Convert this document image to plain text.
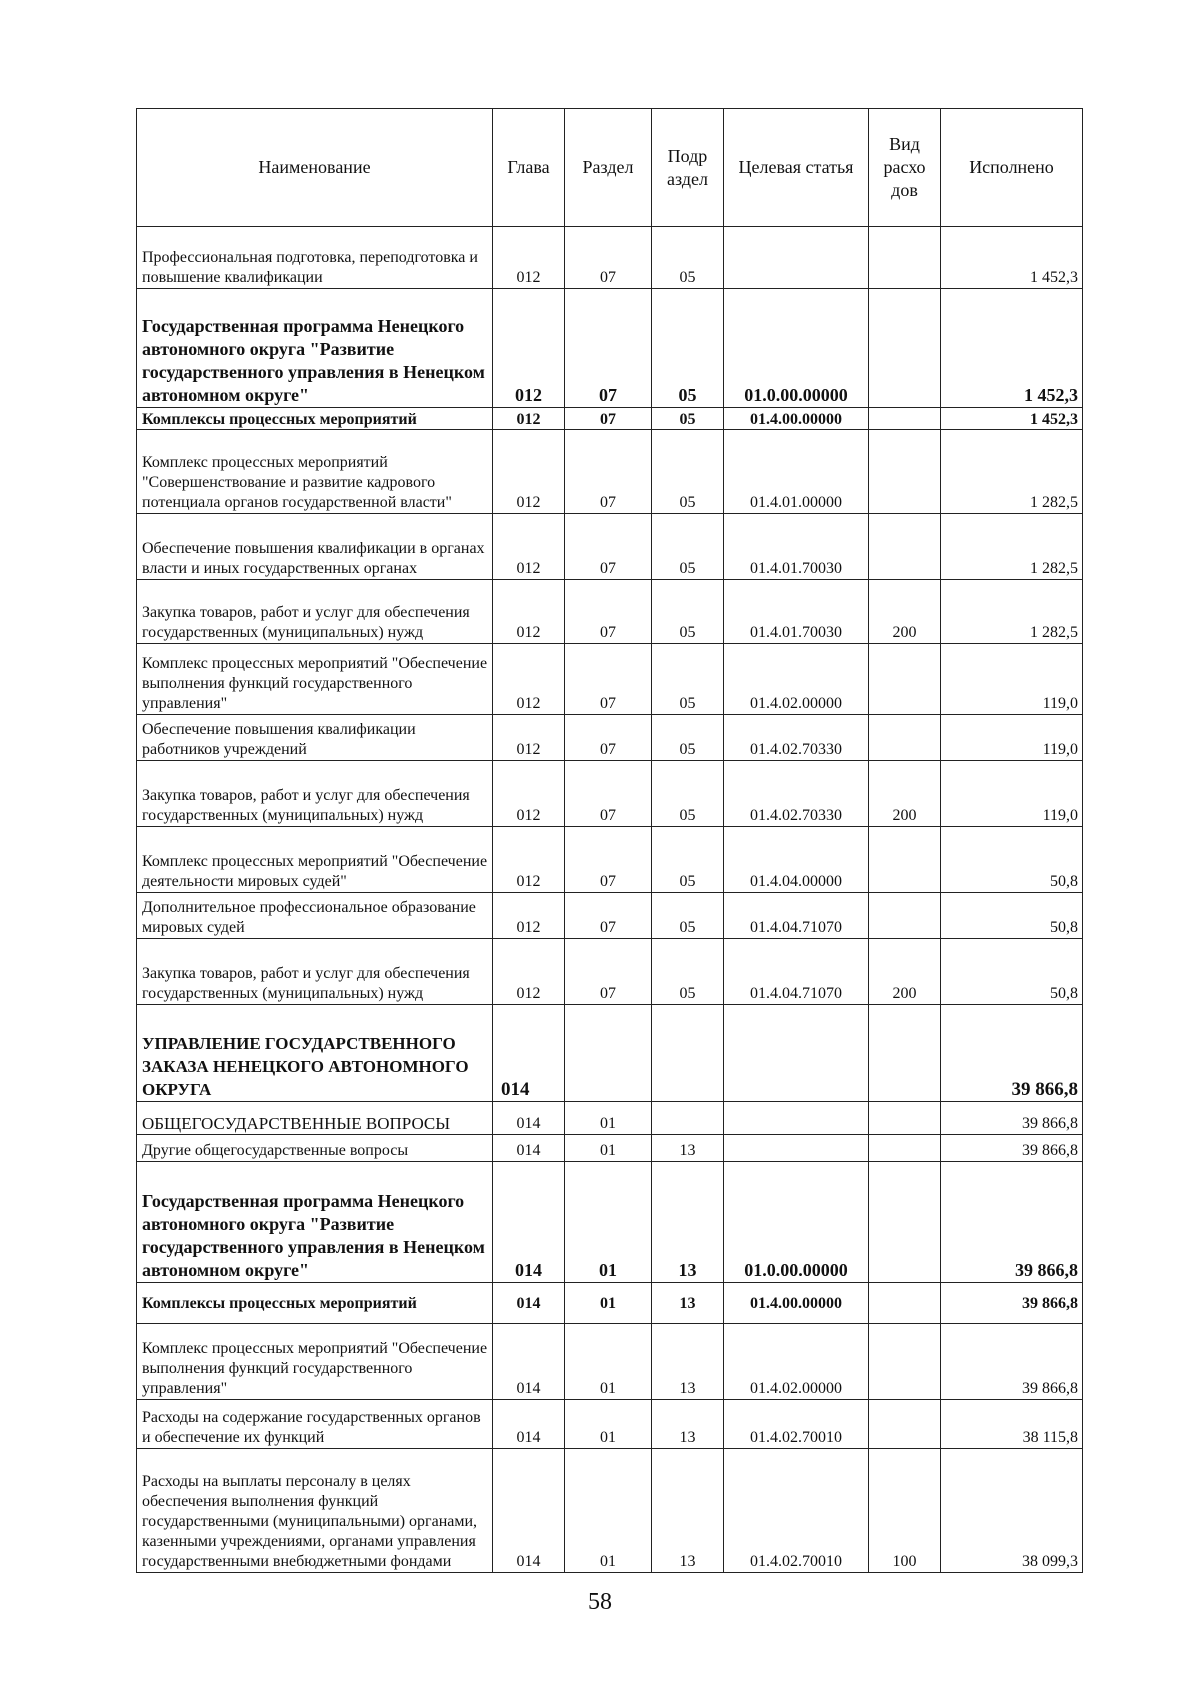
Наименование	Глава	Раздел	Подр аздел	Целевая статья	Вид расхо дов	Исполнено
Профессиональная подготовка, переподготовка и повышение квалификации	012	07	05			1 452,3
Государственная программа Ненецкого автономного округа "Развитие государственного управления в Ненецком автономном округе"	012	07	05	01.0.00.00000		1 452,3
Комплексы процессных мероприятий	012	07	05	01.4.00.00000		1 452,3
Комплекс процессных мероприятий "Совершенствование и развитие кадрового потенциала органов государственной власти"	012	07	05	01.4.01.00000		1 282,5
Обеспечение повышения квалификации в органах власти и иных государственных органах	012	07	05	01.4.01.70030		1 282,5
Закупка товаров, работ и услуг для обеспечения государственных (муниципальных) нужд	012	07	05	01.4.01.70030	200	1 282,5
Комплекс процессных мероприятий "Обеспечение выполнения функций государственного управления"	012	07	05	01.4.02.00000		119,0
Обеспечение повышения квалификации работников учреждений	012	07	05	01.4.02.70330		119,0
Закупка товаров, работ и услуг для обеспечения государственных (муниципальных) нужд	012	07	05	01.4.02.70330	200	119,0
Комплекс процессных мероприятий "Обеспечение деятельности мировых судей"	012	07	05	01.4.04.00000		50,8
Дополнительное профессиональное образование мировых судей	012	07	05	01.4.04.71070		50,8
Закупка товаров, работ и услуг для обеспечения государственных (муниципальных) нужд	012	07	05	01.4.04.71070	200	50,8
УПРАВЛЕНИЕ ГОСУДАРСТВЕННОГО ЗАКАЗА НЕНЕЦКОГО АВТОНОМНОГО ОКРУГА	014					39 866,8
ОБЩЕГОСУДАРСТВЕННЫЕ ВОПРОСЫ	014	01				39 866,8
Другие общегосударственные вопросы	014	01	13			39 866,8
Государственная программа Ненецкого автономного округа "Развитие государственного управления в Ненецком автономном округе"	014	01	13	01.0.00.00000		39 866,8
Комплексы процессных мероприятий	014	01	13	01.4.00.00000		39 866,8
Комплекс процессных мероприятий "Обеспечение выполнения функций государственного управления"	014	01	13	01.4.02.00000		39 866,8
Расходы на содержание государственных органов и обеспечение их функций	014	01	13	01.4.02.70010		38 115,8
Расходы на выплаты персоналу в целях обеспечения выполнения функций государственными (муниципальными) органами, казенными учреждениями, органами управления государственными внебюджетными фондами	014	01	13	01.4.02.70010	100	38 099,3
58
